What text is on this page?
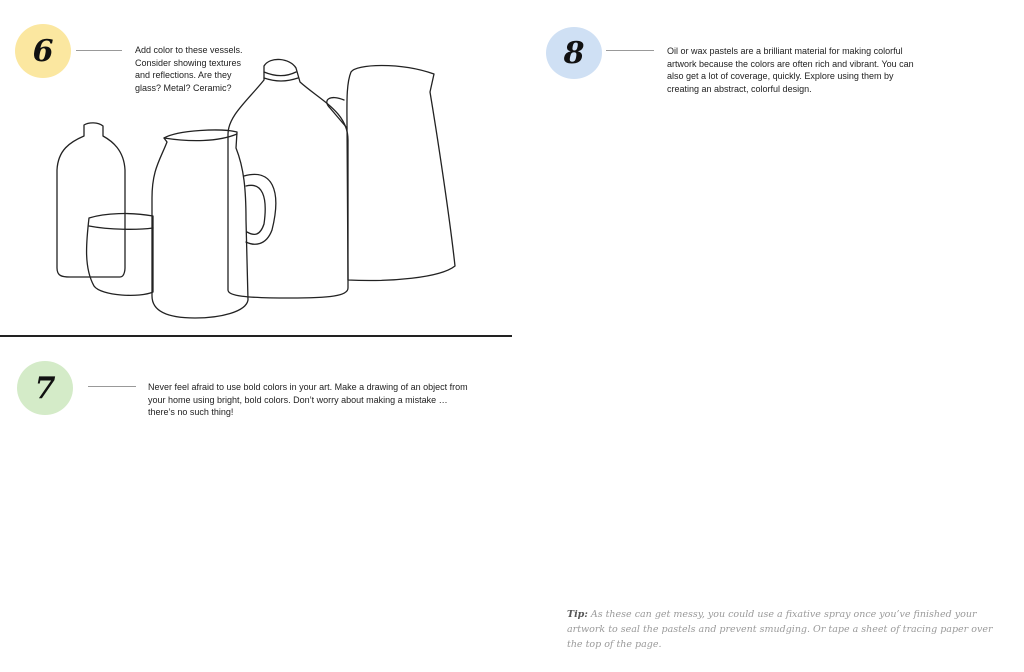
6	Add color to these vessels. Consider showing textures and reflections. Are they glass? Metal? Ceramic?
7	Never feel afraid to use bold colors in your art. Make a drawing of an object from your home using bright, bold colors. Don’t worry about making a mistake … there’s no such thing!
8	Oil or wax pastels are a brilliant material for making colorful artwork because the colors are often rich and vibrant. You can also get a lot of coverage, quickly. Explore using them by creating an abstract, colorful design.
Tip: As these can get messy, you could use a fixative spray once you’ve finished your artwork to seal the pastels and prevent smudging. Or tape a sheet of tracing paper over the top of the page.
